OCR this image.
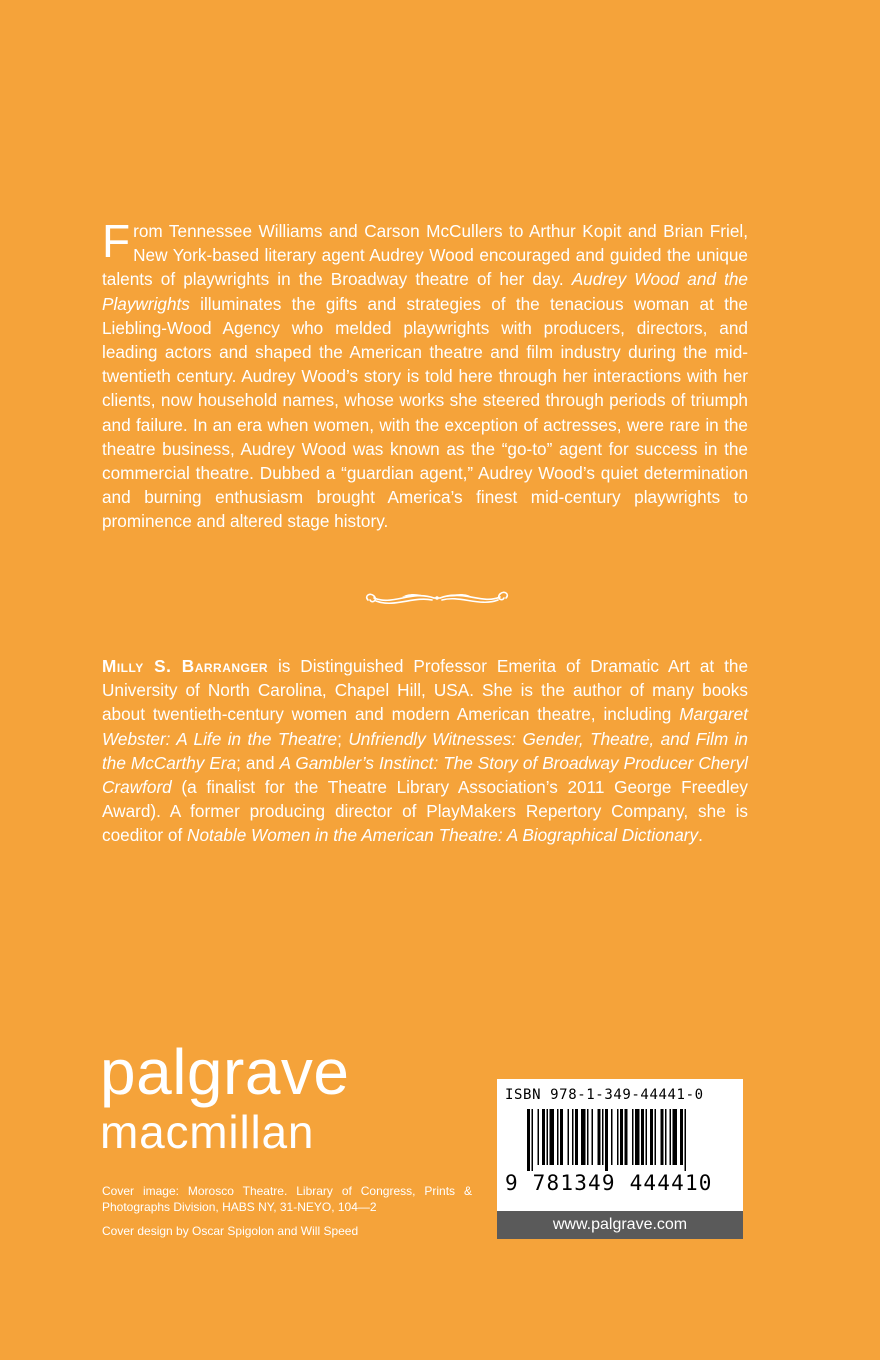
From Tennessee Williams and Carson McCullers to Arthur Kopit and Brian Friel, New York-based literary agent Audrey Wood encouraged and guided the unique talents of playwrights in the Broadway theatre of her day. Audrey Wood and the Playwrights illuminates the gifts and strategies of the tenacious woman at the Liebling-Wood Agency who melded playwrights with producers, directors, and leading actors and shaped the American theatre and film industry during the mid-twentieth century. Audrey Wood’s story is told here through her interactions with her clients, now household names, whose works she steered through periods of triumph and failure. In an era when women, with the exception of actresses, were rare in the theatre business, Audrey Wood was known as the “go-to” agent for success in the commercial theatre. Dubbed a “guardian agent,” Audrey Wood’s quiet determination and burning enthusiasm brought America’s finest mid-century playwrights to prominence and altered stage history.

Milly S. Barranger is Distinguished Professor Emerita of Dramatic Art at the University of North Carolina, Chapel Hill, USA. She is the author of many books about twentieth-century women and modern American theatre, including Margaret Webster: A Life in the Theatre; Unfriendly Witnesses: Gender, Theatre, and Film in the McCarthy Era; and A Gambler’s Instinct: The Story of Broadway Producer Cheryl Crawford (a finalist for the Theatre Library Association’s 2011 George Freedley Award). A former producing director of PlayMakers Repertory Company, she is coeditor of Notable Women in the American Theatre: A Biographical Dictionary.

palgrave
macmillan

Cover image: Morosco Theatre. Library of Congress, Prints & Photographs Division, HABS NY, 31-NEYO, 104—2

Cover design by Oscar Spigolon and Will Speed

ISBN 978-1-349-44441-0
9 781349 444410
www.palgrave.com
